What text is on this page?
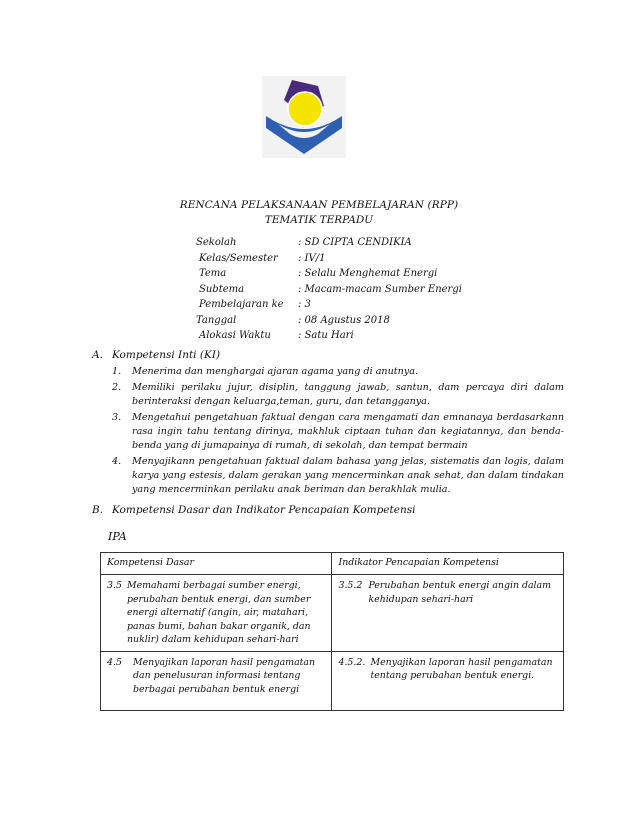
RENCANA PELAKSANAAN PEMBELAJARAN (RPP)
TEMATIK TERPADU
Sekolah	: SD CIPTA CENDIKIA
Kelas/Semester : IV/1
Tema	: Selalu Menghemat Energi
Subtema	: Macam-macam Sumber Energi
Pembelajaran ke : 3
Tanggal	: 08 Agustus 2018
Alokasi Waktu	: Satu Hari
A. Kompetensi Inti (KI)
1. Menerima dan menghargai ajaran agama yang di anutnya.
2. Memiliki perilaku jujur, disiplin, tanggung jawab, santun, dam percaya diri dalam berinteraksi dengan keluarga,teman, guru, dan tetangganya.
3. Mengetahui pengetahuan faktual dengan cara mengamati dan emnanaya berdasarkann rasa ingin tahu tentang dirinya, makhluk ciptaan tuhan dan kegiatannya, dan benda-benda yang di jumapainya di rumah, di sekolah, dan tempat bermain
4. Menyajikann pengetahuan faktual dalam bahasa yang jelas, sistematis dan logis, dalam karya yang estesis, dalam gerakan yang mencerminkan anak sehat, dan dalam tindakan yang mencerminkan perilaku anak beriman dan berakhlak mulia.
B. Kompetensi Dasar dan Indikator Pencapaian Kompetensi
IPA
Kompetensi Dasar	Indikator Pencapaian Kompetensi

3.5 Memahami berbagai sumber energi, perubahan bentuk energi, dan sumber energi alternatif (angin, air, matahari, panas bumi, bahan bakar organik, dan nuklir) dalam kehidupan sehari-hari	3.5.2 Perubahan bentuk energi angin dalam kehidupan sehari-hari

4.5 Menyajikan laporan hasil pengamatan dan penelusuran informasi tentang berbagai perubahan bentuk energi	4.5.2. Menyajikan laporan hasil pengamatan tentang perubahan bentuk energi.
